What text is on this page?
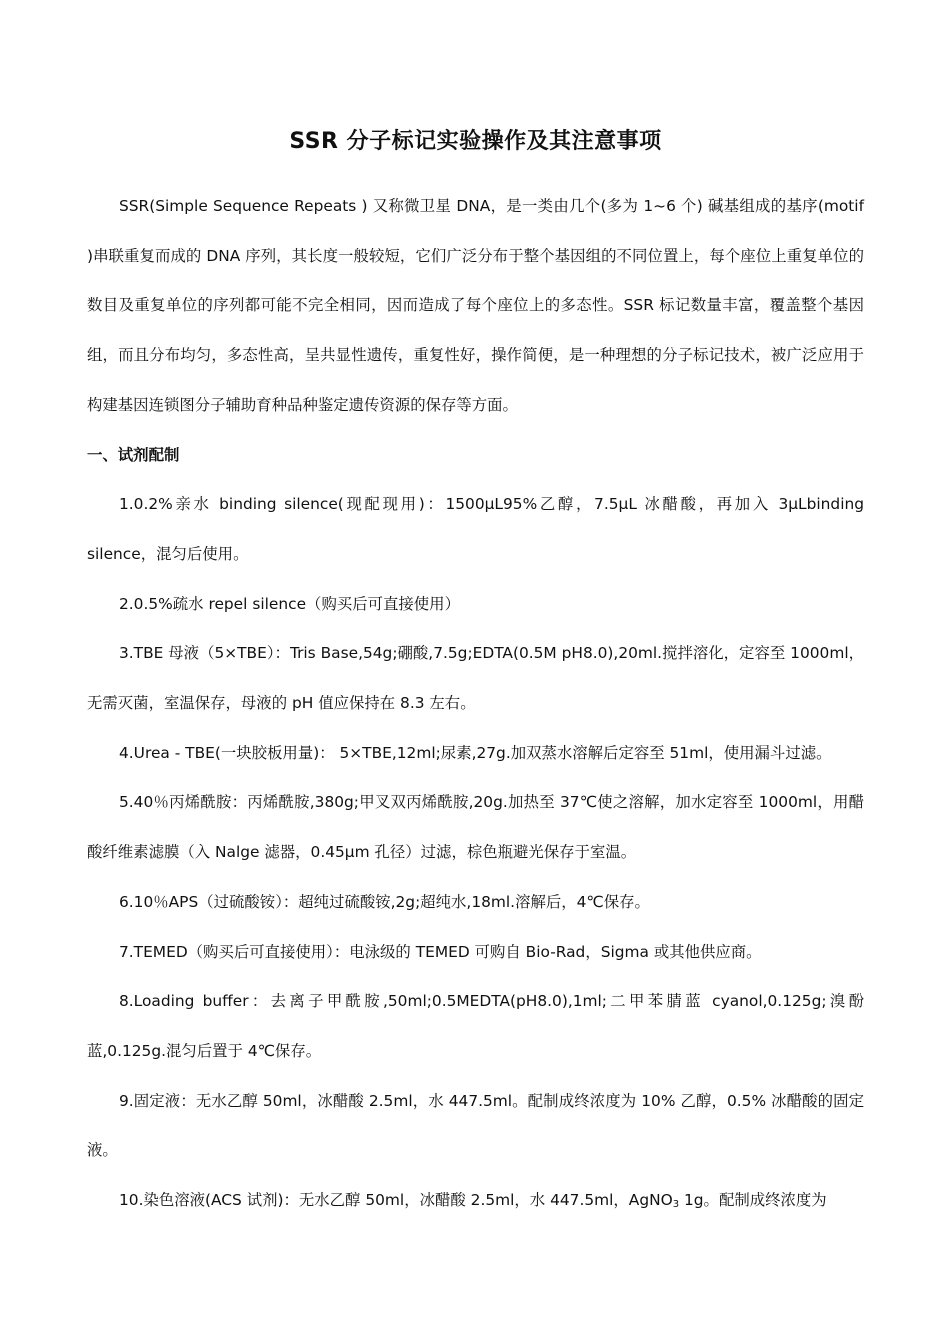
SSR 分子标记实验操作及其注意事项

SSR(Simple Sequence Repeats ) 又称微卫星 DNA，是一类由几个(多为 1~6 个) 碱基组成的基序(motif )串联重复而成的 DNA 序列，其长度一般较短，它们广泛分布于整个基因组的不同位置上，每个座位上重复单位的数目及重复单位的序列都可能不完全相同，因而造成了每个座位上的多态性。SSR 标记数量丰富，覆盖整个基因组，而且分布均匀，多态性高，呈共显性遗传，重复性好，操作简便，是一种理想的分子标记技术，被广泛应用于构建基因连锁图分子辅助育种品种鉴定遗传资源的保存等方面。

一、试剂配制

1.0.2%亲水 binding silence(现配现用)：1500μL95%乙醇，7.5μL 冰醋酸，再加入 3μLbinding silence，混匀后使用。

2.0.5%疏水 repel silence（购买后可直接使用）

3.TBE 母液（5×TBE）：Tris Base,54g;硼酸,7.5g;EDTA(0.5M pH8.0),20ml.搅拌溶化，定容至 1000ml，无需灭菌，室温保存，母液的 pH 值应保持在 8.3 左右。

4.Urea - TBE(一块胶板用量)： 5×TBE,12ml;尿素,27g.加双蒸水溶解后定容至 51ml，使用漏斗过滤。

5.40％丙烯酰胺：丙烯酰胺,380g;甲叉双丙烯酰胺,20g.加热至 37℃使之溶解，加水定容至 1000ml，用醋酸纤维素滤膜（入 Nalge 滤器，0.45μm 孔径）过滤，棕色瓶避光保存于室温。

6.10％APS（过硫酸铵）：超纯过硫酸铵,2g;超纯水,18ml.溶解后，4℃保存。

7.TEMED（购买后可直接使用）：电泳级的 TEMED 可购自 Bio-Rad，Sigma 或其他供应商。

8.Loading buffer：去离子甲酰胺,50ml;0.5MEDTA(pH8.0),1ml;二甲苯腈蓝 cyanol,0.125g;溴酚蓝,0.125g.混匀后置于 4℃保存。

9.固定液：无水乙醇 50ml，冰醋酸 2.5ml，水 447.5ml。配制成终浓度为 10% 乙醇，0.5% 冰醋酸的固定液。

10.染色溶液(ACS 试剂)：无水乙醇 50ml，冰醋酸 2.5ml，水 447.5ml，AgNO$_3$ 1g。配制成终浓度为
